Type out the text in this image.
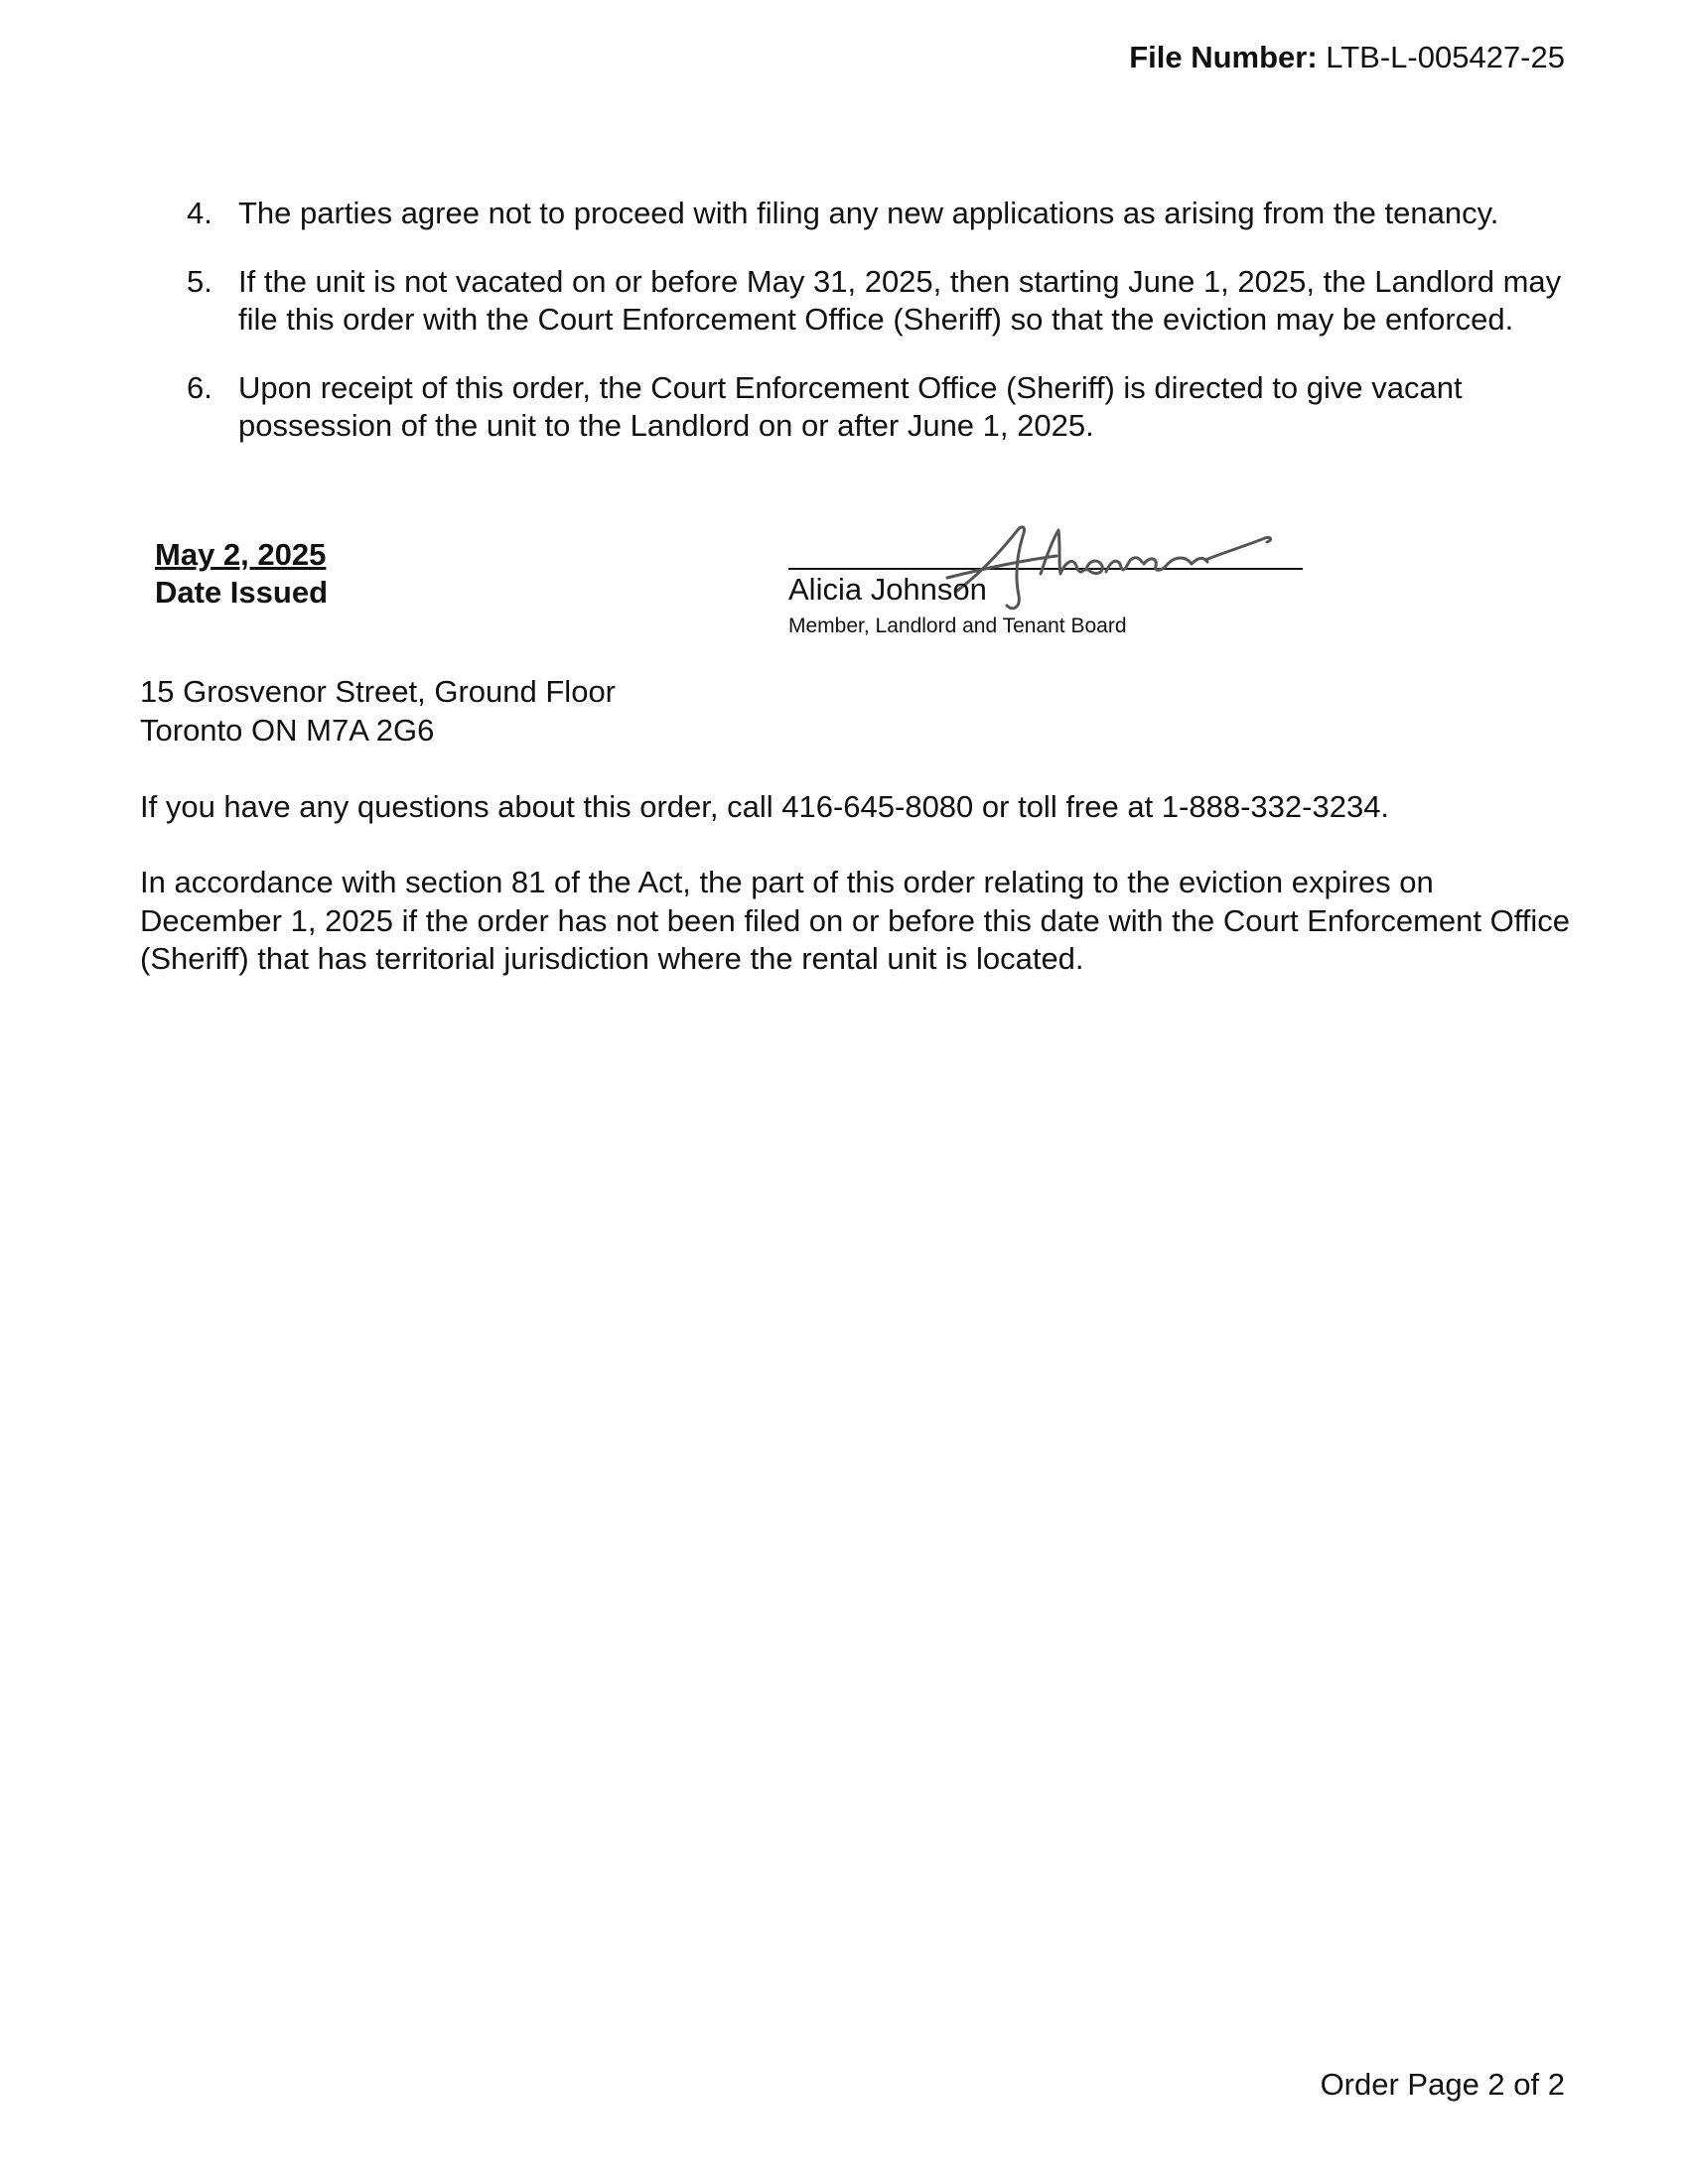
File Number: LTB-L-005427-25
4. The parties agree not to proceed with filing any new applications as arising from the tenancy.
5. If the unit is not vacated on or before May 31, 2025, then starting June 1, 2025, the Landlord may file this order with the Court Enforcement Office (Sheriff) so that the eviction may be enforced.
6. Upon receipt of this order, the Court Enforcement Office (Sheriff) is directed to give vacant possession of the unit to the Landlord on or after June 1, 2025.
May 2, 2025
Date Issued	Alicia Johnson
Member, Landlord and Tenant Board
15 Grosvenor Street, Ground Floor
Toronto ON M7A 2G6

If you have any questions about this order, call 416-645-8080 or toll free at 1-888-332-3234.

In accordance with section 81 of the Act, the part of this order relating to the eviction expires on December 1, 2025 if the order has not been filed on or before this date with the Court Enforcement Office (Sheriff) that has territorial jurisdiction where the rental unit is located.

Order Page 2 of 2
